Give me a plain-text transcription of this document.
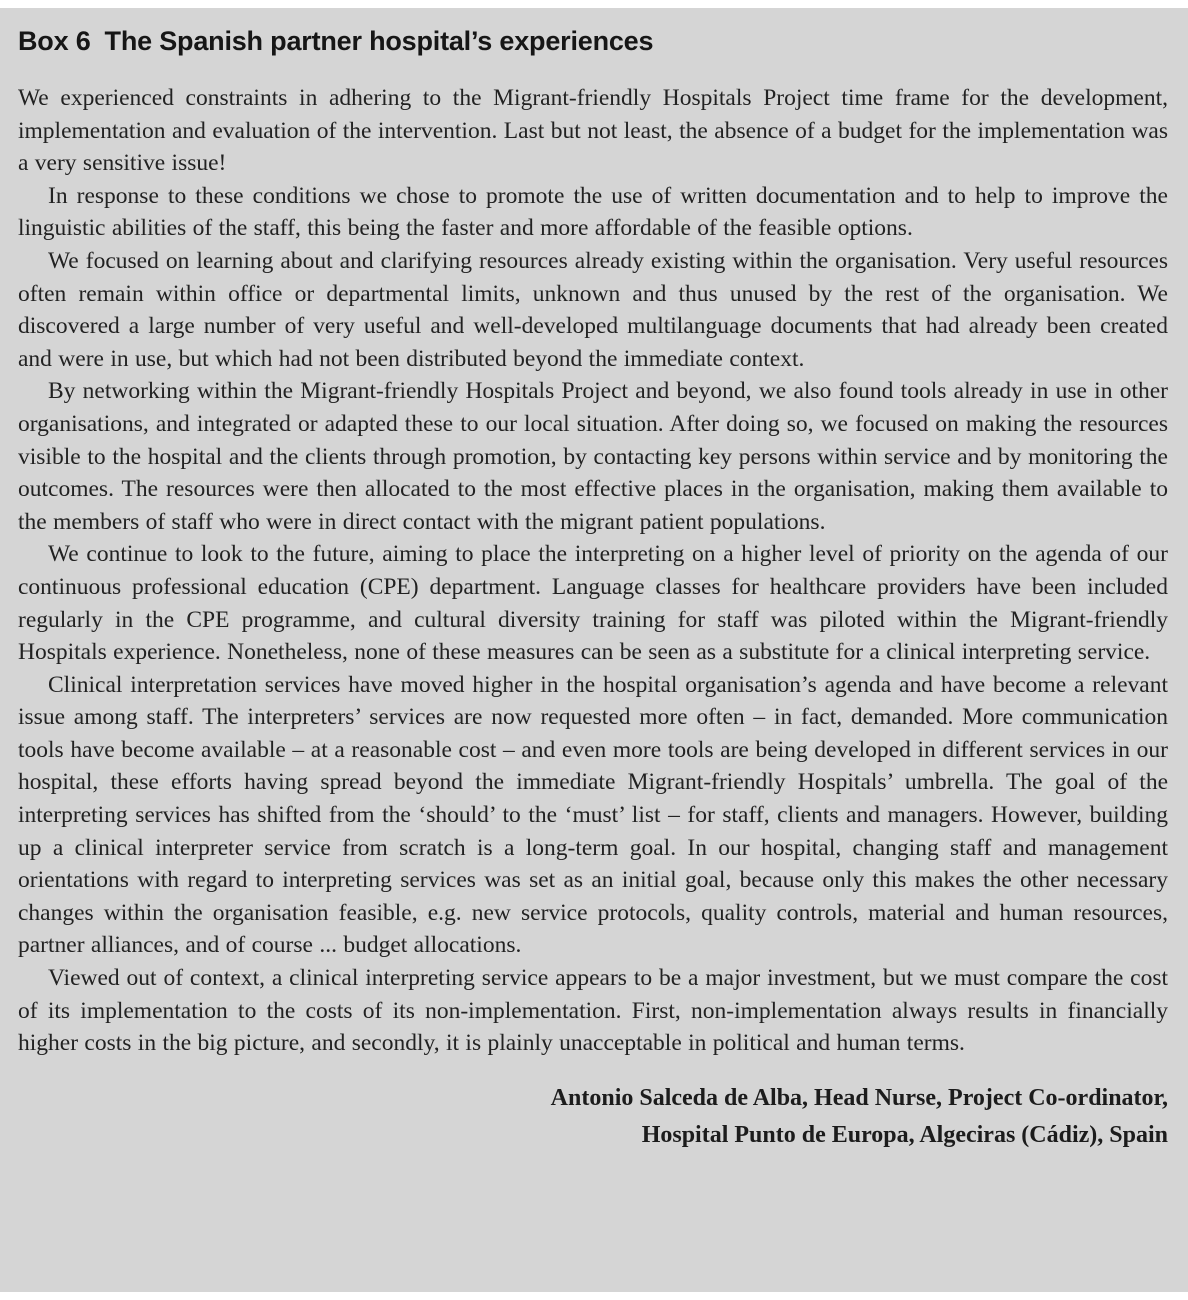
Box 6 The Spanish partner hospital’s experiences

We experienced constraints in adhering to the Migrant-friendly Hospitals Project time frame for the development, implementation and evaluation of the intervention. Last but not least, the absence of a budget for the implementation was a very sensitive issue!

In response to these conditions we chose to promote the use of written documentation and to help to improve the linguistic abilities of the staff, this being the faster and more affordable of the feasible options.

We focused on learning about and clarifying resources already existing within the organisation. Very useful resources often remain within office or departmental limits, unknown and thus unused by the rest of the organisation. We discovered a large number of very useful and well-developed multilanguage documents that had already been created and were in use, but which had not been distributed beyond the immediate context.

By networking within the Migrant-friendly Hospitals Project and beyond, we also found tools already in use in other organisations, and integrated or adapted these to our local situation. After doing so, we focused on making the resources visible to the hospital and the clients through promotion, by contacting key persons within service and by monitoring the outcomes. The resources were then allocated to the most effective places in the organisation, making them available to the members of staff who were in direct contact with the migrant patient populations.

We continue to look to the future, aiming to place the interpreting on a higher level of priority on the agenda of our continuous professional education (CPE) department. Language classes for healthcare providers have been included regularly in the CPE programme, and cultural diversity training for staff was piloted within the Migrant-friendly Hospitals experience. Nonetheless, none of these measures can be seen as a substitute for a clinical interpreting service.

Clinical interpretation services have moved higher in the hospital organisation’s agenda and have become a relevant issue among staff. The interpreters’ services are now requested more often – in fact, demanded. More communication tools have become available – at a reasonable cost – and even more tools are being developed in different services in our hospital, these efforts having spread beyond the immediate Migrant-friendly Hospitals’ umbrella. The goal of the interpreting services has shifted from the ‘should’ to the ‘must’ list – for staff, clients and managers. However, building up a clinical interpreter service from scratch is a long-term goal. In our hospital, changing staff and management orientations with regard to interpreting services was set as an initial goal, because only this makes the other necessary changes within the organisation feasible, e.g. new service protocols, quality controls, material and human resources, partner alliances, and of course ... budget allocations.

Viewed out of context, a clinical interpreting service appears to be a major investment, but we must compare the cost of its implementation to the costs of its non-implementation. First, non-implementation always results in financially higher costs in the big picture, and secondly, it is plainly unacceptable in political and human terms.

Antonio Salceda de Alba, Head Nurse, Project Co-ordinator,
Hospital Punto de Europa, Algeciras (Cádiz), Spain
